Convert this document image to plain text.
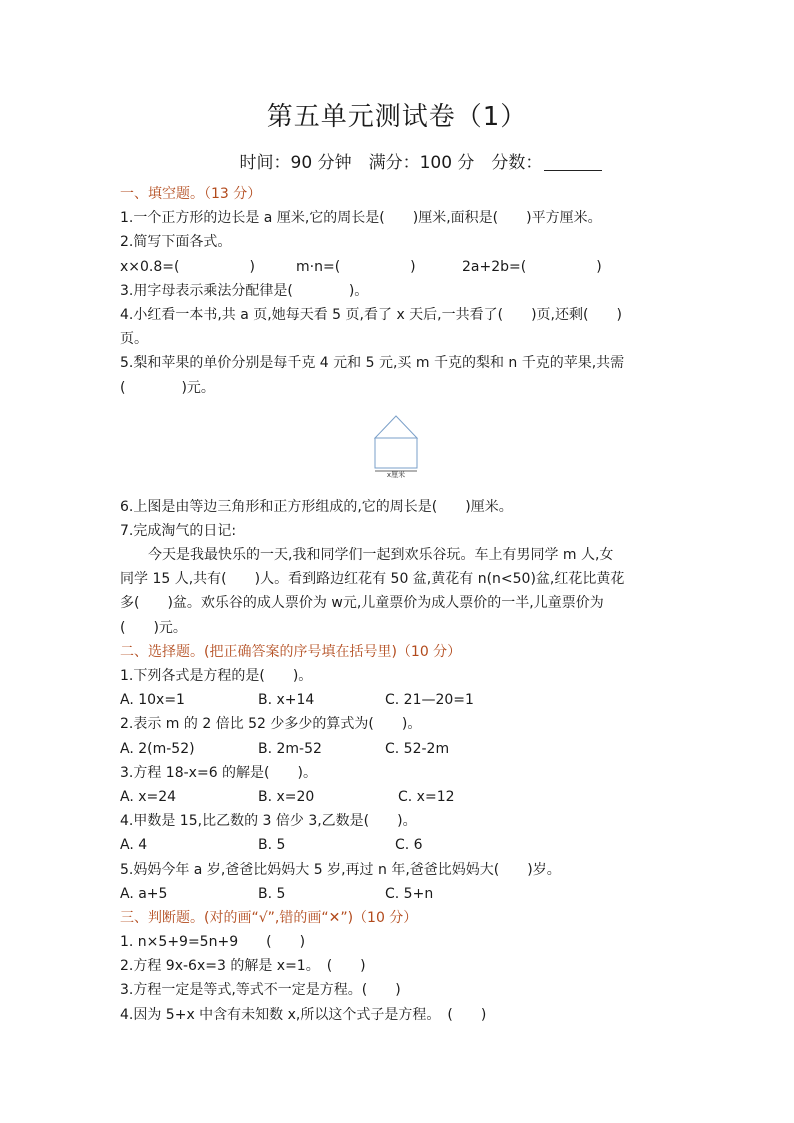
第五单元测试卷（1）
时间：90 分钟　满分：100 分　分数：
一、填空题。（13 分）
1.一个正方形的边长是 a 厘米,它的周长是(　　)厘米,面积是(　　)平方厘米。
2.简写下面各式。
x×0.8=(　　　　　)	m·n=(　　　　　)	2a+2b=(　　　　　)
3.用字母表示乘法分配律是(　　　　)。
4.小红看一本书,共 a 页,她每天看 5 页,看了 x 天后,一共看了(　　)页,还剩(　　)
页。
5.梨和苹果的单价分别是每千克 4 元和 5 元,买 m 千克的梨和 n 千克的苹果,共需
(　　　　)元。
x厘米
6.上图是由等边三角形和正方形组成的,它的周长是(　　)厘米。
7.完成淘气的日记:
今天是我最快乐的一天,我和同学们一起到欢乐谷玩。车上有男同学 m 人,女
同学 15 人,共有(　　)人。看到路边红花有 50 盆,黄花有 n(n<50)盆,红花比黄花
多(　　)盆。欢乐谷的成人票价为 w元,儿童票价为成人票价的一半,儿童票价为
(　　)元。
二、选择题。(把正确答案的序号填在括号里)（10 分）
1.下列各式是方程的是(　　)。
A. 10x=1	B. x+14	C. 21—20=1
2.表示 m 的 2 倍比 52 少多少的算式为(　　)。
A. 2(m-52)	B. 2m-52	C. 52-2m
3.方程 18-x=6 的解是(　　)。
A. x=24	B. x=20	C. x=12
4.甲数是 15,比乙数的 3 倍少 3,乙数是(　　)。
A. 4	B. 5	C. 6
5.妈妈今年 a 岁,爸爸比妈妈大 5 岁,再过 n 年,爸爸比妈妈大(　　)岁。
A. a+5	B. 5	C. 5+n
三、判断题。(对的画“√”,错的画“✕”)（10 分）
1. n×5+9=5n+9　　(　　)
2.方程 9x-6x=3 的解是 x=1。　(　　)
3.方程一定是等式,等式不一定是方程。(　　)
4.因为 5+x 中含有未知数 x,所以这个式子是方程。　(　　)
